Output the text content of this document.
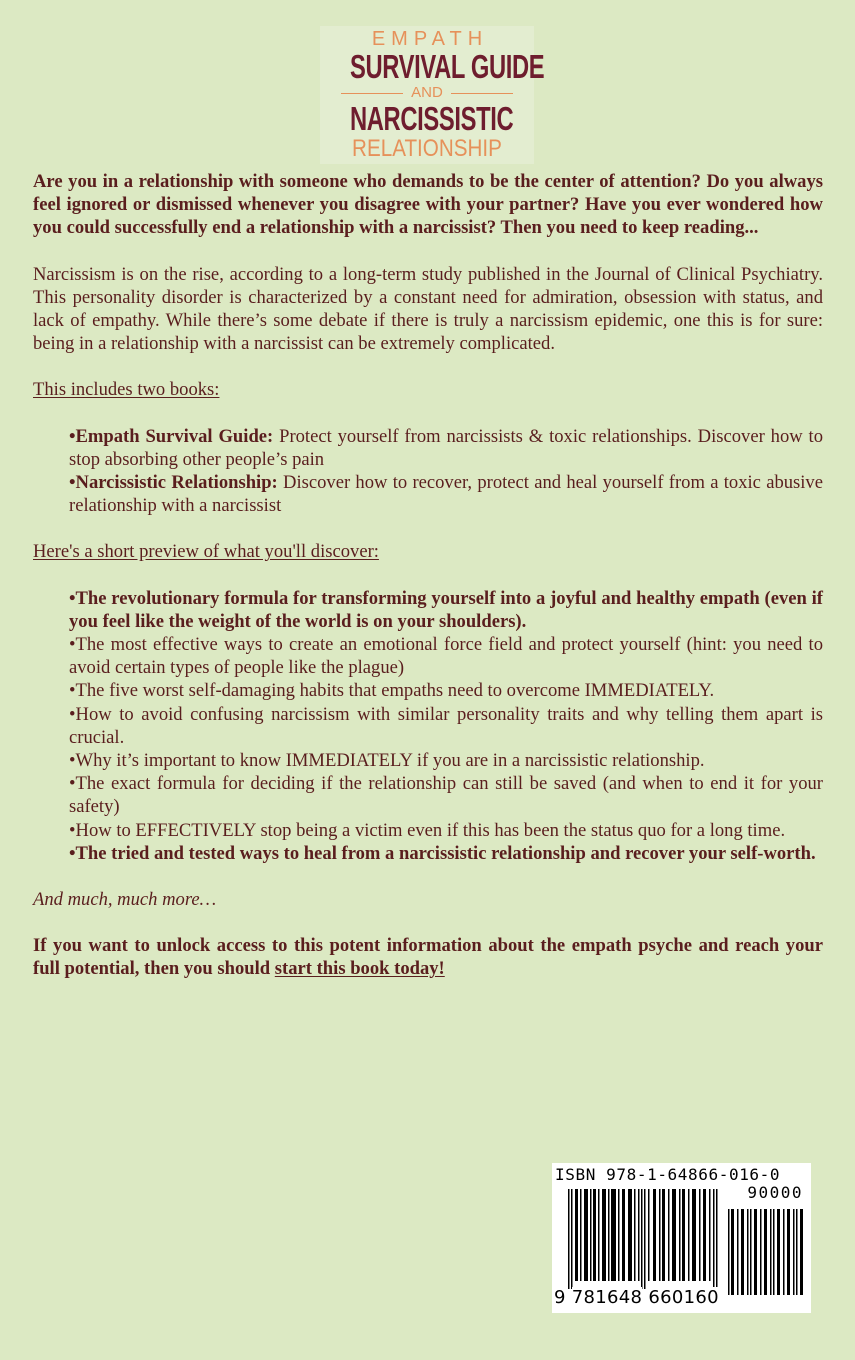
EMPATH
SURVIVAL GUIDE
AND
NARCISSISTIC
RELATIONSHIP

Are you in a relationship with someone who demands to be the center of attention? Do you always feel ignored or dismissed whenever you disagree with your partner? Have you ever wondered how you could successfully end a relationship with a narcissist? Then you need to keep reading...

Narcissism is on the rise, according to a long-term study published in the Journal of Clinical Psychiatry. This personality disorder is characterized by a constant need for admiration, obsession with status, and lack of empathy. While there’s some debate if there is truly a narcissism epidemic, one this is for sure: being in a relationship with a narcissist can be extremely complicated.

This includes two books:

•Empath Survival Guide: Protect yourself from narcissists & toxic relationships. Discover how to stop absorbing other people’s pain

•Narcissistic Relationship: Discover how to recover, protect and heal yourself from a toxic abusive relationship with a narcissist

Here's a short preview of what you'll discover:

•The revolutionary formula for transforming yourself into a joyful and healthy empath (even if you feel like the weight of the world is on your shoulders).

•The most effective ways to create an emotional force field and protect yourself (hint: you need to avoid certain types of people like the plague)

•The five worst self-damaging habits that empaths need to overcome IMMEDIATELY.

•How to avoid confusing narcissism with similar personality traits and why telling them apart is crucial.

•Why it’s important to know IMMEDIATELY if you are in a narcissistic relationship.

•The exact formula for deciding if the relationship can still be saved (and when to end it for your safety)

•How to EFFECTIVELY stop being a victim even if this has been the status quo for a long time.

•The tried and tested ways to heal from a narcissistic relationship and recover your self-worth.

And much, much more…

If you want to unlock access to this potent information about the empath psyche and reach your full potential, then you should start this book today!

ISBN 978-1-64866-016-0
90000
9 781648 660160
